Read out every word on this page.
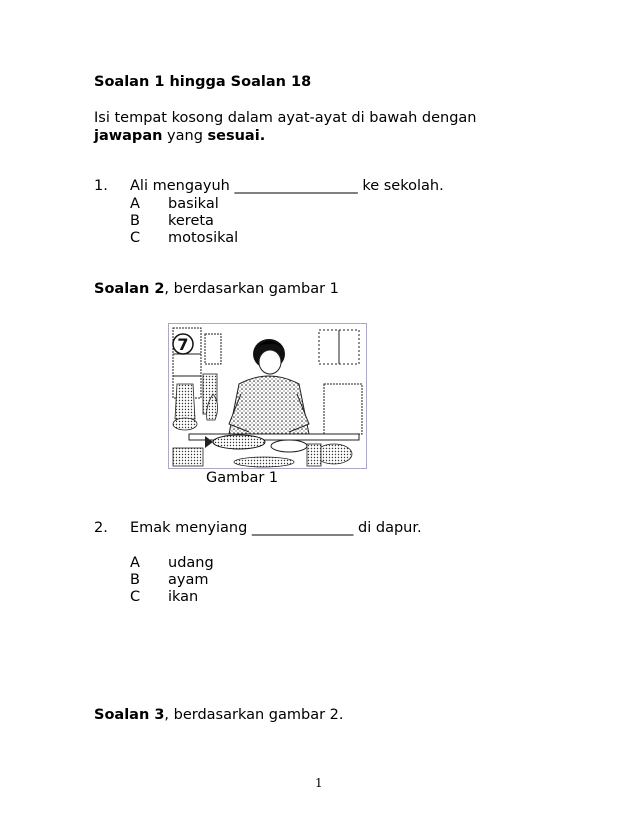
Soalan 1 hingga Soalan 18
Isi tempat kosong dalam ayat-ayat di bawah dengan
jawapan yang sesuai.
1. Ali mengayuh _________________ ke sekolah.
A basikal
B kereta
C motosikal
Soalan 2, berdasarkan gambar 1
7
Gambar 1
2. Emak menyiang ______________ di dapur.
A udang
B ayam
C ikan
Soalan 3, berdasarkan gambar 2.
1
